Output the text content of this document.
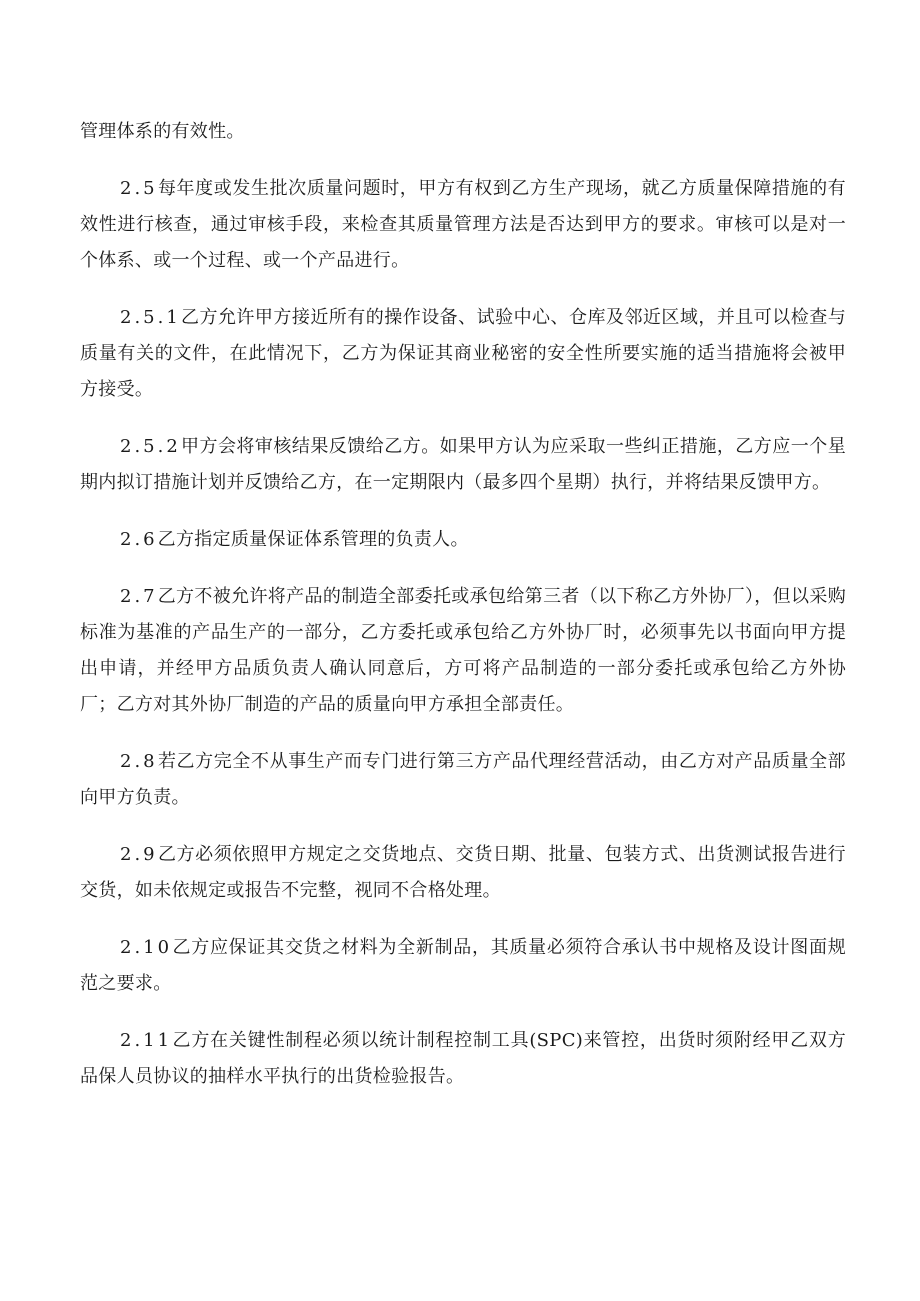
管理体系的有效性。

2.5每年度或发生批次质量问题时，甲方有权到乙方生产现场，就乙方质量保障措施的有效性进行核查，通过审核手段，来检查其质量管理方法是否达到甲方的要求。审核可以是对一个体系、或一个过程、或一个产品进行。

2.5.1乙方允许甲方接近所有的操作设备、试验中心、仓库及邻近区域，并且可以检查与质量有关的文件，在此情况下，乙方为保证其商业秘密的安全性所要实施的适当措施将会被甲方接受。

2.5.2甲方会将审核结果反馈给乙方。如果甲方认为应采取一些纠正措施，乙方应一个星期内拟订措施计划并反馈给乙方，在一定期限内（最多四个星期）执行，并将结果反馈甲方。

2.6乙方指定质量保证体系管理的负责人。

2.7乙方不被允许将产品的制造全部委托或承包给第三者（以下称乙方外协厂），但以采购标准为基准的产品生产的一部分，乙方委托或承包给乙方外协厂时，必须事先以书面向甲方提出申请，并经甲方品质负责人确认同意后，方可将产品制造的一部分委托或承包给乙方外协厂；乙方对其外协厂制造的产品的质量向甲方承担全部责任。

2.8若乙方完全不从事生产而专门进行第三方产品代理经营活动，由乙方对产品质量全部向甲方负责。

2.9乙方必须依照甲方规定之交货地点、交货日期、批量、包装方式、出货测试报告进行交货，如未依规定或报告不完整，视同不合格处理。

2.10乙方应保证其交货之材料为全新制品，其质量必须符合承认书中规格及设计图面规范之要求。

2.11乙方在关键性制程必须以统计制程控制工具(SPC)来管控，出货时须附经甲乙双方品保人员协议的抽样水平执行的出货检验报告。
